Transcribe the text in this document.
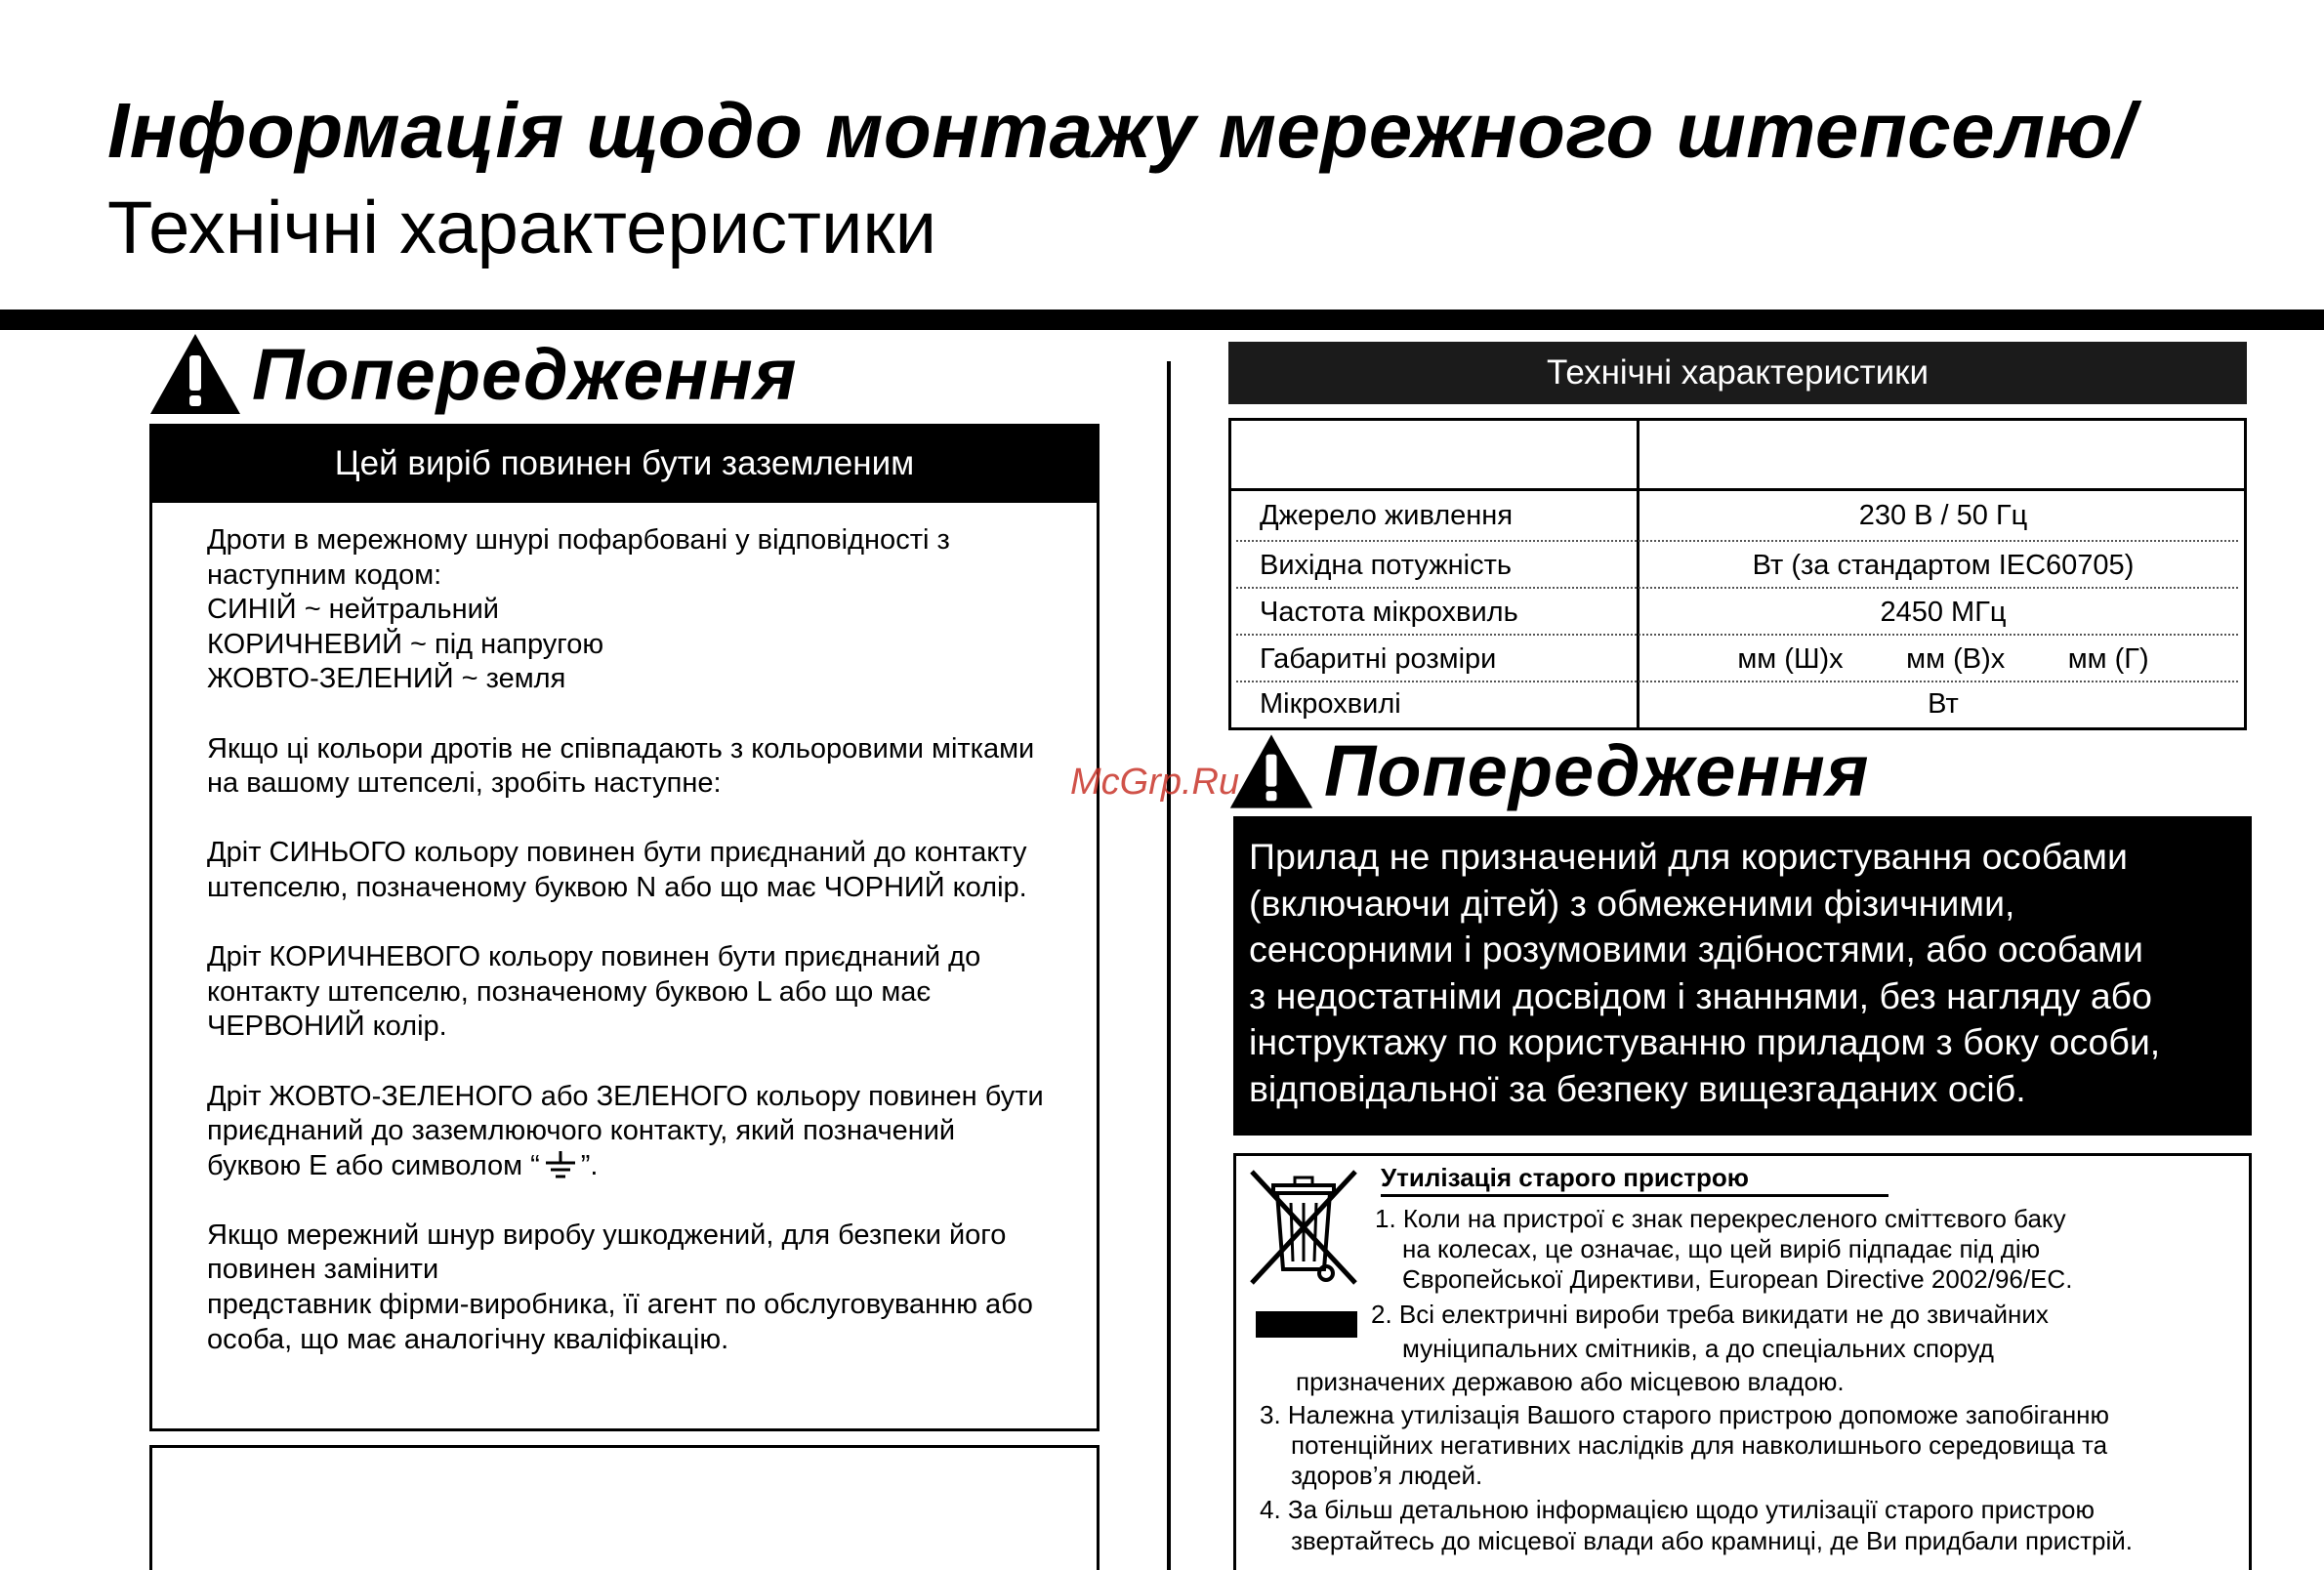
Інформація щодо монтажу мережного штепселю/
Технічні характеристики
Попередження
Цей виріб повинен бути заземленим

Дроти в мережному шнурі пофарбовані у відповідності з
наступним кодом:
СИНІЙ ~ нейтральний
КОРИЧНЕВИЙ ~ під напругою
ЖОВТО-ЗЕЛЕНИЙ ~ земля

Якщо ці кольори дротів не співпадають з кольоровими мітками
на вашому штепселі, зробіть наступне:

Дріт СИНЬОГО кольору повинен бути приєднаний до контакту
штепселю, позначеному буквою N або що має ЧОРНИЙ колір.

Дріт КОРИЧНЕВОГО кольору повинен бути приєднаний до
контакту штепселю, позначеному буквою L або що має
ЧЕРВОНИЙ колір.

Дріт ЖОВТО-ЗЕЛЕНОГО або ЗЕЛЕНОГО кольору повинен бути
приєднаний до заземлюючого контакту, який позначений
буквою Е або символом “ ”.

Якщо мережний шнур виробу ушкоджений, для безпеки його
повинен замінити
представник фірми-виробника, її агент по обслуговуванню або
особа, що має аналогічну кваліфікацію.

Технічні характеристики
Джерело живлення	230 В / 50 Гц
Вихідна потужність	Вт (за стандартом IEC60705)
Частота мікрохвиль	2450 МГц
Габаритні розміри	мм (Ш)х        мм (В)х        мм (Г)
Мікрохвилі	Вт
Попередження
Прилад не призначений для користування особами
(включаючи дітей) з обмеженими фізичними,
сенсорними і розумовими здібностями, або особами
з недостатніми досвідом і знаннями, без нагляду або
інструктажу по користуванню приладом з боку особи,
відповідальної за безпеку вищезгаданих осіб.
Утилізація старого пристрою
1. Коли на пристрої є знак перекресленого сміттєвого баку
на колесах, це означає, що цей виріб підпадає під дію
Європейської Директиви, European Directive 2002/96/EC.
2. Всі електричні вироби треба викидати не до звичайних
муніципальних смітників, а до спеціальних споруд
призначених державою або місцевою владою.
3. Належна утилізація Вашого старого пристрою допоможе запобіганню
потенційних негативних наслідків для навколишнього середовища та
здоров’я людей.
4. За більш детальною інформацією щодо утилізації старого пристрою
звертайтесь до місцевої влади або крамниці, де Ви придбали пристрій.
McGrp.Ru
